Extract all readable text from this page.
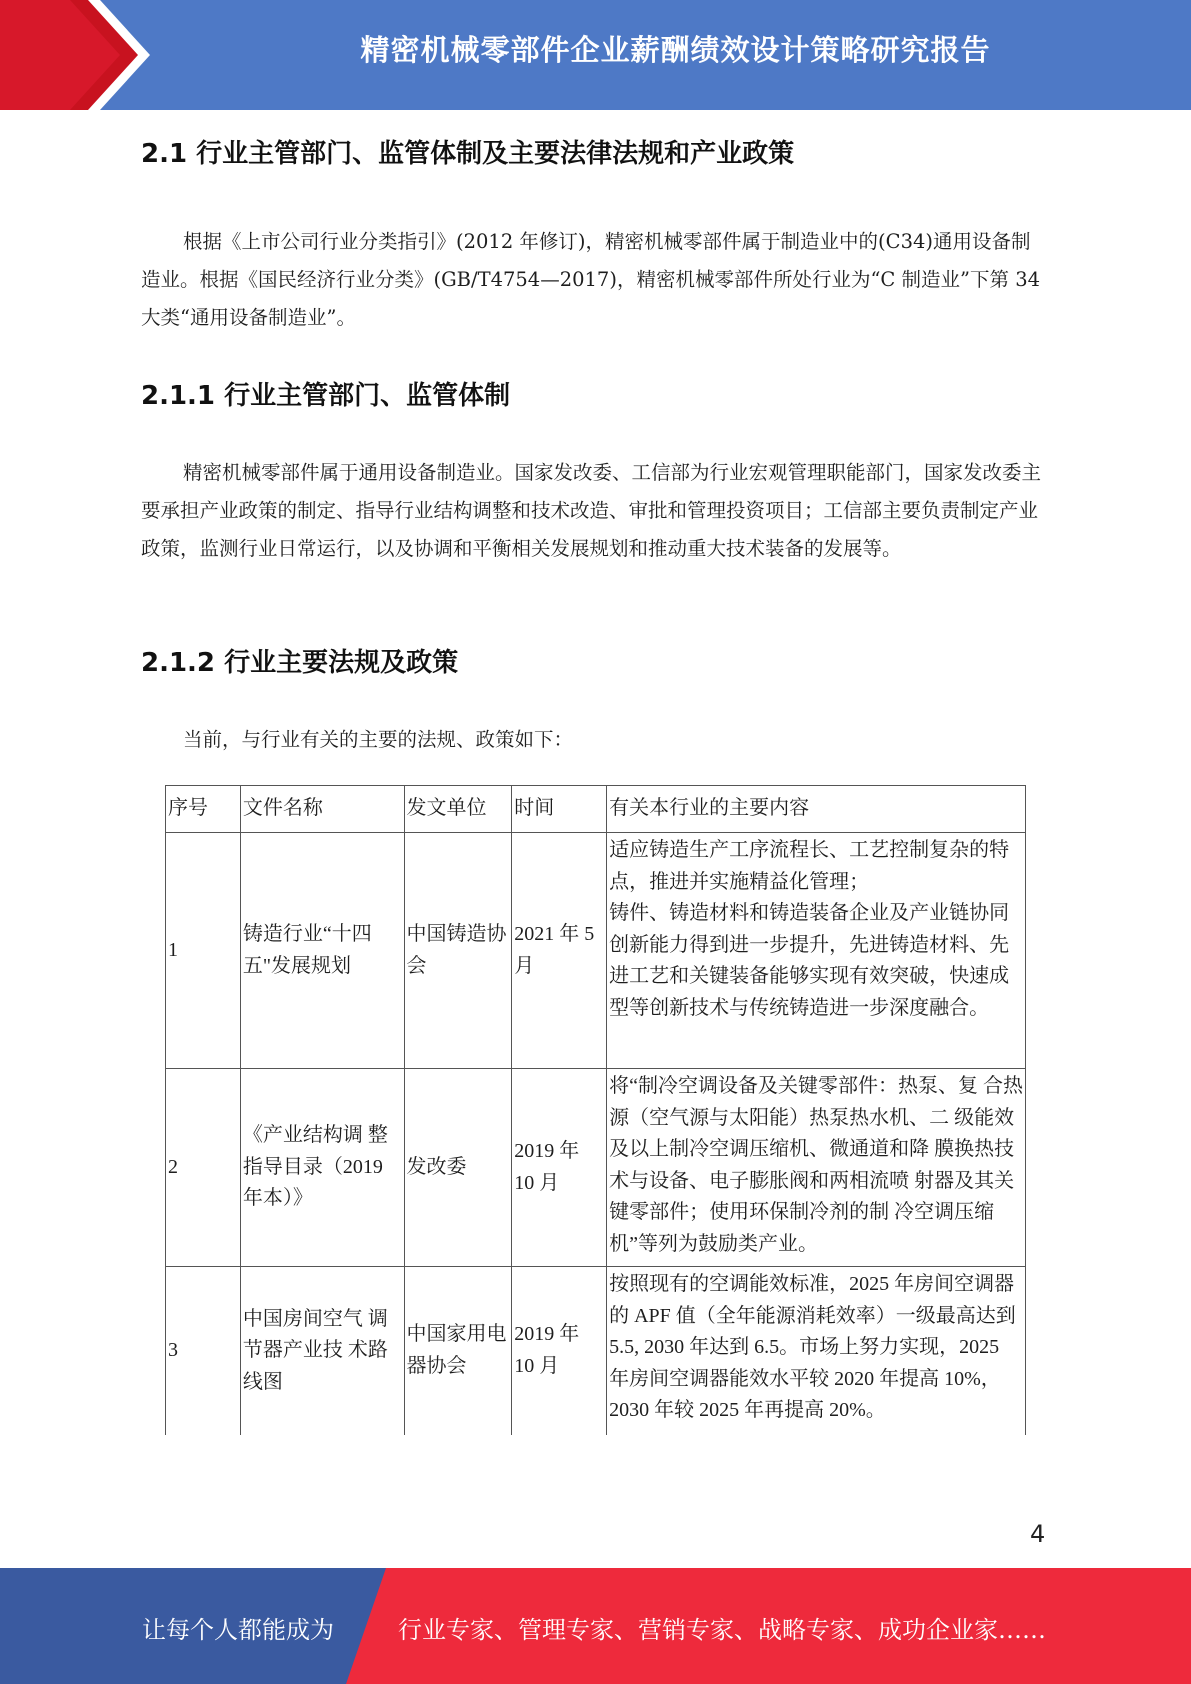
精密机械零部件企业薪酬绩效设计策略研究报告
2.1 行业主管部门、监管体制及主要法律法规和产业政策
根据《上市公司行业分类指引》(2012 年修订)，精密机械零部件属于制造业中的(C34)通用设备制造业。根据《国民经济行业分类》(GB/T4754—2017)，精密机械零部件所处行业为“C 制造业”下第 34 大类“通用设备制造业”。
2.1.1 行业主管部门、监管体制
精密机械零部件属于通用设备制造业。国家发改委、工信部为行业宏观管理职能部门，国家发改委主要承担产业政策的制定、指导行业结构调整和技术改造、审批和管理投资项目；工信部主要负责制定产业政策，监测行业日常运行，以及协调和平衡相关发展规划和推动重大技术装备的发展等。
2.1.2 行业主要法规及政策
当前，与行业有关的主要的法规、政策如下：
序号	文件名称	发文单位	时间	有关本行业的主要内容
1	铸造行业“十四五"发展规划	中国铸造协会	2021 年 5 月	适应铸造生产工序流程长、工艺控制复杂的特点，推进并实施精益化管理；
铸件、铸造材料和铸造装备企业及产业链协同创新能力得到进一步提升，先进铸造材料、先进工艺和关键装备能够实现有效突破，快速成型等创新技术与传统铸造进一步深度融合。
2	《产业结构调 整指导目录（2019 年本）》	发改委	2019 年 10 月	将“制冷空调设备及关键零部件：热泵、复 合热源（空气源与太阳能）热泵热水机、二 级能效及以上制冷空调压缩机、微通道和降 膜换热技术与设备、电子膨胀阀和两相流喷 射器及其关键零部件；使用环保制冷剂的制 冷空调压缩机”等列为鼓励类产业。
3	中国房间空气 调节器产业技 术路线图	中国家用电器协会	2019 年 10 月	按照现有的空调能效标准，2025 年房间空调器的 APF 值（全年能源消耗效率）一级最高达到 5.5, 2030 年达到 6.5。市场上努力实现，2025 年房间空调器能效水平较 2020 年提高 10%，2030 年较 2025 年再提高 20%。
4
让每个人都能成为	行业专家、管理专家、营销专家、战略专家、成功企业家……
